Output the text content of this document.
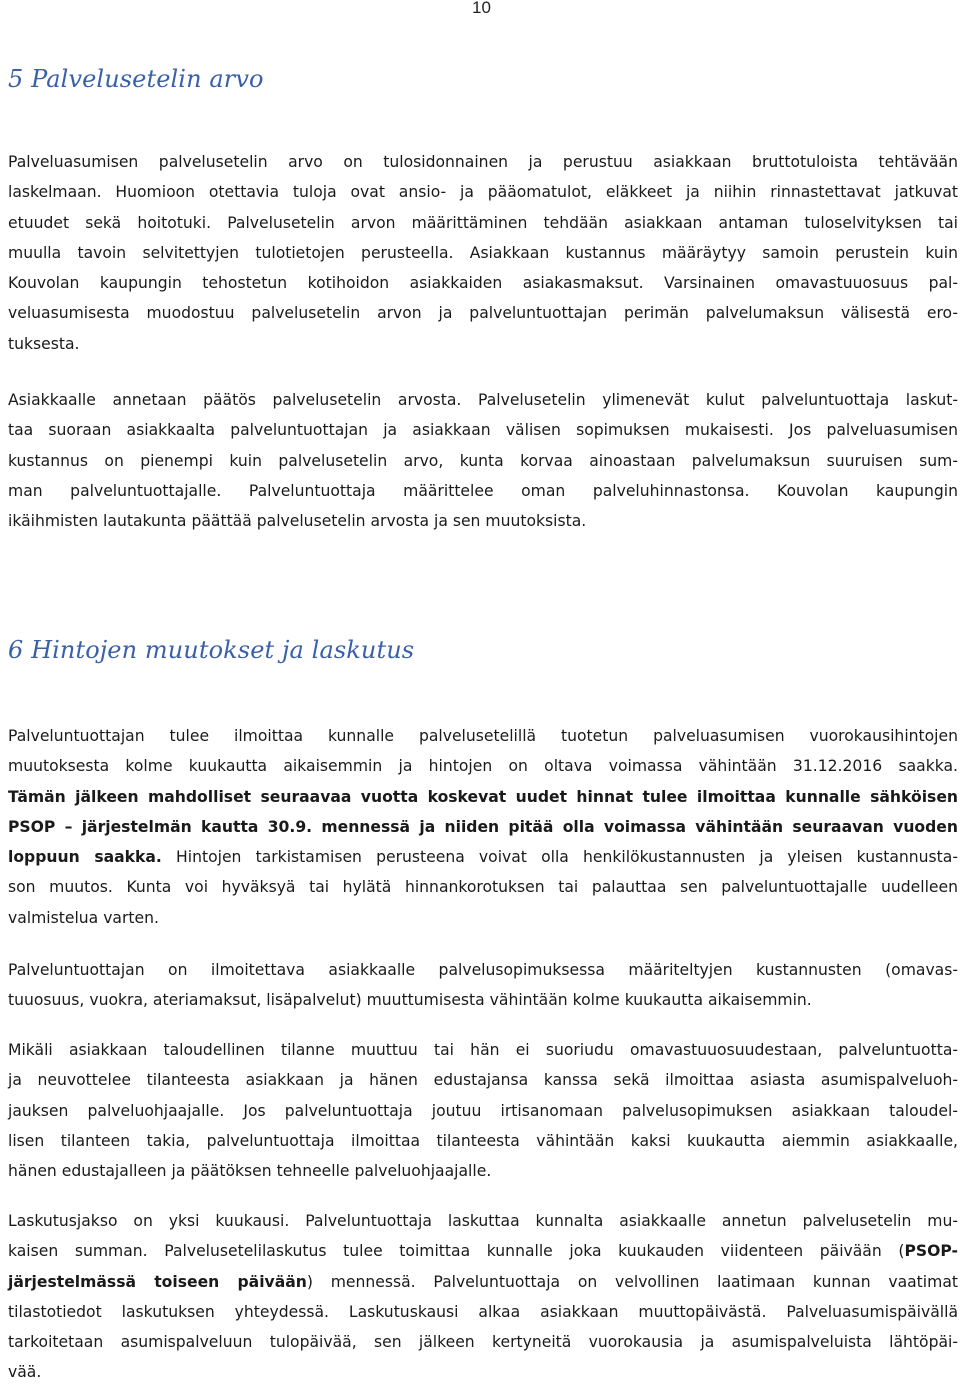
10
5 Palvelusetelin arvo
Palveluasumisen palvelusetelin arvo on tulosidonnainen ja perustuu asiakkaan bruttotuloista tehtävään
laskelmaan. Huomioon otettavia tuloja ovat ansio- ja pääomatulot, eläkkeet ja niihin rinnastettavat jatkuvat
etuudet sekä hoitotuki. Palvelusetelin arvon määrittäminen tehdään asiakkaan antaman tuloselvityksen tai
muulla tavoin selvitettyjen tulotietojen perusteella. Asiakkaan kustannus määräytyy samoin perustein kuin
Kouvolan kaupungin tehostetun kotihoidon asiakkaiden asiakasmaksut. Varsinainen omavastuuosuus pal-
veluasumisesta muodostuu palvelusetelin arvon ja palveluntuottajan perimän palvelumaksun välisestä ero-
tuksesta.
Asiakkaalle annetaan päätös palvelusetelin arvosta. Palvelusetelin ylimenevät kulut palveluntuottaja laskut-
taa suoraan asiakkaalta palveluntuottajan ja asiakkaan välisen sopimuksen mukaisesti. Jos palveluasumisen
kustannus on pienempi kuin palvelusetelin arvo, kunta korvaa ainoastaan palvelumaksun suuruisen sum-
man palveluntuottajalle. Palveluntuottaja määrittelee oman palveluhinnastonsa. Kouvolan kaupungin
ikäihmisten lautakunta päättää palvelusetelin arvosta ja sen muutoksista.
6 Hintojen muutokset ja laskutus
Palveluntuottajan tulee ilmoittaa kunnalle palvelusetelillä tuotetun palveluasumisen vuorokausihintojen
muutoksesta kolme kuukautta aikaisemmin ja hintojen on oltava voimassa vähintään 31.12.2016 saakka.
Tämän jälkeen mahdolliset seuraavaa vuotta koskevat uudet hinnat tulee ilmoittaa kunnalle sähköisen
PSOP – järjestelmän kautta 30.9. mennessä ja niiden pitää olla voimassa vähintään seuraavan vuoden
loppuun saakka. Hintojen tarkistamisen perusteena voivat olla henkilökustannusten ja yleisen kustannusta-
son muutos. Kunta voi hyväksyä tai hylätä hinnankorotuksen tai palauttaa sen palveluntuottajalle uudelleen
valmistelua varten.
Palveluntuottajan on ilmoitettava asiakkaalle palvelusopimuksessa määriteltyjen kustannusten (omavas-
tuuosuus, vuokra, ateriamaksut, lisäpalvelut) muuttumisesta vähintään kolme kuukautta aikaisemmin.
Mikäli asiakkaan taloudellinen tilanne muuttuu tai hän ei suoriudu omavastuuosuudestaan, palveluntuotta-
ja neuvottelee tilanteesta asiakkaan ja hänen edustajansa kanssa sekä ilmoittaa asiasta asumispalveluoh-
jauksen palveluohjaajalle. Jos palveluntuottaja joutuu irtisanomaan palvelusopimuksen asiakkaan taloudel-
lisen tilanteen takia, palveluntuottaja ilmoittaa tilanteesta vähintään kaksi kuukautta aiemmin asiakkaalle,
hänen edustajalleen ja päätöksen tehneelle palveluohjaajalle.
Laskutusjakso on yksi kuukausi. Palveluntuottaja laskuttaa kunnalta asiakkaalle annetun palvelusetelin mu-
kaisen summan. Palvelusetelilaskutus tulee toimittaa kunnalle joka kuukauden viidenteen päivään (PSOP-
järjestelmässä toiseen päivään) mennessä. Palveluntuottaja on velvollinen laatimaan kunnan vaatimat
tilastotiedot laskutuksen yhteydessä. Laskutuskausi alkaa asiakkaan muuttopäivästä. Palveluasumispäivällä
tarkoitetaan asumispalveluun tulopäivää, sen jälkeen kertyneitä vuorokausia ja asumispalveluista lähtöpäi-
vää.
